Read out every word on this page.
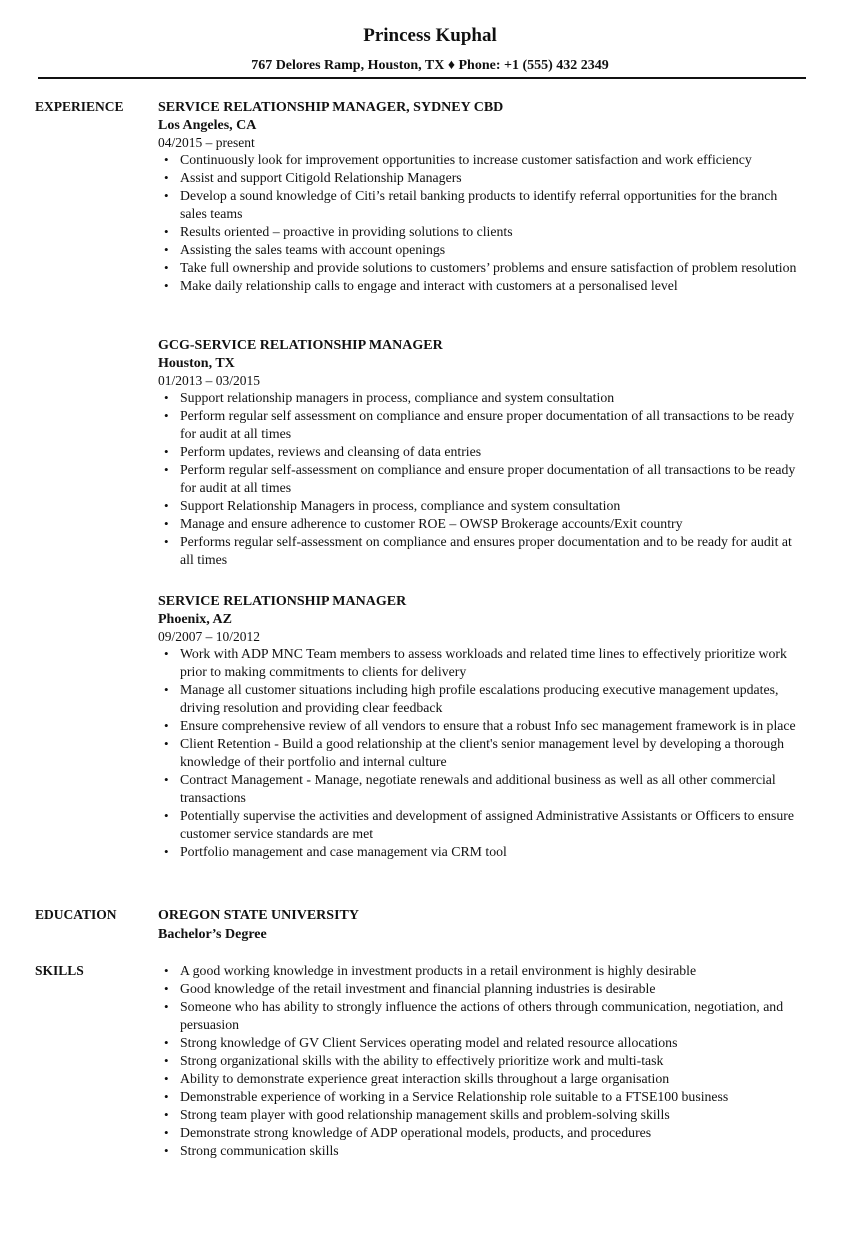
Princess Kuphal
767 Delores Ramp, Houston, TX ♦ Phone: +1 (555) 432 2349
EXPERIENCE SERVICE RELATIONSHIP MANAGER, SYDNEY CBD
Los Angeles, CA
04/2015 – present
• Continuously look for improvement opportunities to increase customer satisfaction and work efficiency
• Assist and support Citigold Relationship Managers
• Develop a sound knowledge of Citi’s retail banking products to identify referral opportunities for the branch sales teams
• Results oriented – proactive in providing solutions to clients
• Assisting the sales teams with account openings
• Take full ownership and provide solutions to customers’ problems and ensure satisfaction of problem resolution
• Make daily relationship calls to engage and interact with customers at a personalised level
GCG-SERVICE RELATIONSHIP MANAGER
Houston, TX
01/2013 – 03/2015
• Support relationship managers in process, compliance and system consultation
• Perform regular self assessment on compliance and ensure proper documentation of all transactions to be ready for audit at all times
• Perform updates, reviews and cleansing of data entries
• Perform regular self-assessment on compliance and ensure proper documentation of all transactions to be ready for audit at all times
• Support Relationship Managers in process, compliance and system consultation
• Manage and ensure adherence to customer ROE – OWSP Brokerage accounts/Exit country
• Performs regular self-assessment on compliance and ensures proper documentation and to be ready for audit at all times
SERVICE RELATIONSHIP MANAGER
Phoenix, AZ
09/2007 – 10/2012
• Work with ADP MNC Team members to assess workloads and related time lines to effectively prioritize work prior to making commitments to clients for delivery
• Manage all customer situations including high profile escalations producing executive management updates, driving resolution and providing clear feedback
• Ensure comprehensive review of all vendors to ensure that a robust Info sec management framework is in place
• Client Retention - Build a good relationship at the client's senior management level by developing a thorough knowledge of their portfolio and internal culture
• Contract Management - Manage, negotiate renewals and additional business as well as all other commercial transactions
• Potentially supervise the activities and development of assigned Administrative Assistants or Officers to ensure customer service standards are met
• Portfolio management and case management via CRM tool
EDUCATION	OREGON STATE UNIVERSITY
Bachelor’s Degree
SKILLS
•	A good working knowledge in investment products in a retail environment is highly desirable
• Good knowledge of the retail investment and financial planning industries is desirable
• Someone who has ability to strongly influence the actions of others through communication, negotiation, and persuasion
• Strong knowledge of GV Client Services operating model and related resource allocations
• Strong organizational skills with the ability to effectively prioritize work and multi-task
• Ability to demonstrate experience great interaction skills throughout a large organisation
• Demonstrable experience of working in a Service Relationship role suitable to a FTSE100 business
• Strong team player with good relationship management skills and problem-solving skills
• Demonstrate strong knowledge of ADP operational models, products, and procedures
• Strong communication skills
